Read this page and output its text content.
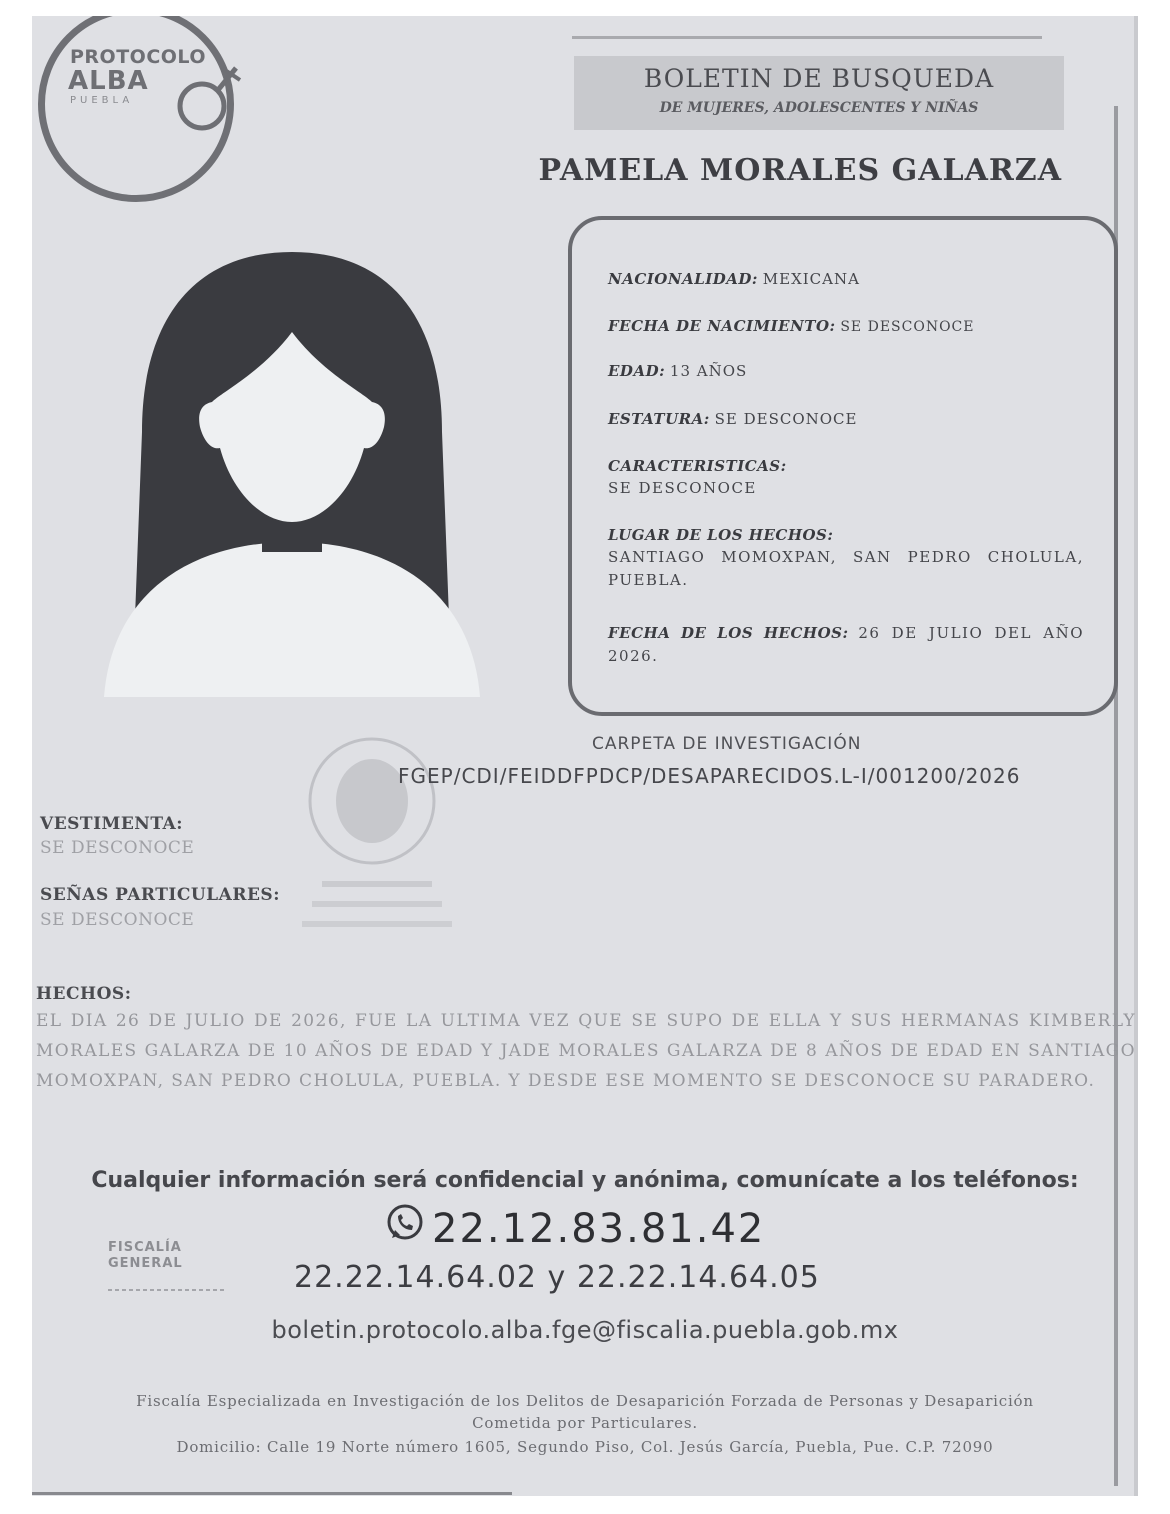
PROTOCOLO
ALBA
PUEBLA
BOLETIN DE BUSQUEDA
DE MUJERES, ADOLESCENTES Y NIÑAS
PAMELA MORALES GALARZA
NACIONALIDAD: MEXICANA
FECHA DE NACIMIENTO: SE DESCONOCE
EDAD: 13 AÑOS
ESTATURA: SE DESCONOCE
CARACTERISTICAS:
SE DESCONOCE
LUGAR DE LOS HECHOS:
SANTIAGO MOMOXPAN, SAN PEDRO CHOLULA, PUEBLA.
FECHA DE LOS HECHOS: 26 DE JULIO DEL AÑO 2026.
CARPETA DE INVESTIGACIÓN
FGEP/CDI/FEIDDFPDCP/DESAPARECIDOS.L-I/001200/2026
VESTIMENTA:
SE DESCONOCE
SEÑAS PARTICULARES:
SE DESCONOCE
HECHOS:
EL DIA 26 DE JULIO DE 2026, FUE LA ULTIMA VEZ QUE SE SUPO DE ELLA Y SUS HERMANAS KIMBERLY MORALES GALARZA DE 10 AÑOS DE EDAD Y JADE MORALES GALARZA DE 8 AÑOS DE EDAD EN SANTIAGO MOMOXPAN, SAN PEDRO CHOLULA, PUEBLA. Y DESDE ESE MOMENTO SE DESCONOCE SU PARADERO.
Cualquier información será confidencial y anónima, comunícate a los teléfonos:
22.12.83.81.42
22.22.14.64.02 y 22.22.14.64.05
FISCALÍA
GENERAL
boletin.protocolo.alba.fge@fiscalia.puebla.gob.mx
Fiscalía Especializada en Investigación de los Delitos de Desaparición Forzada de Personas y Desaparición
Cometida por Particulares.
Domicilio: Calle 19 Norte número 1605, Segundo Piso, Col. Jesús García, Puebla, Pue. C.P. 72090
